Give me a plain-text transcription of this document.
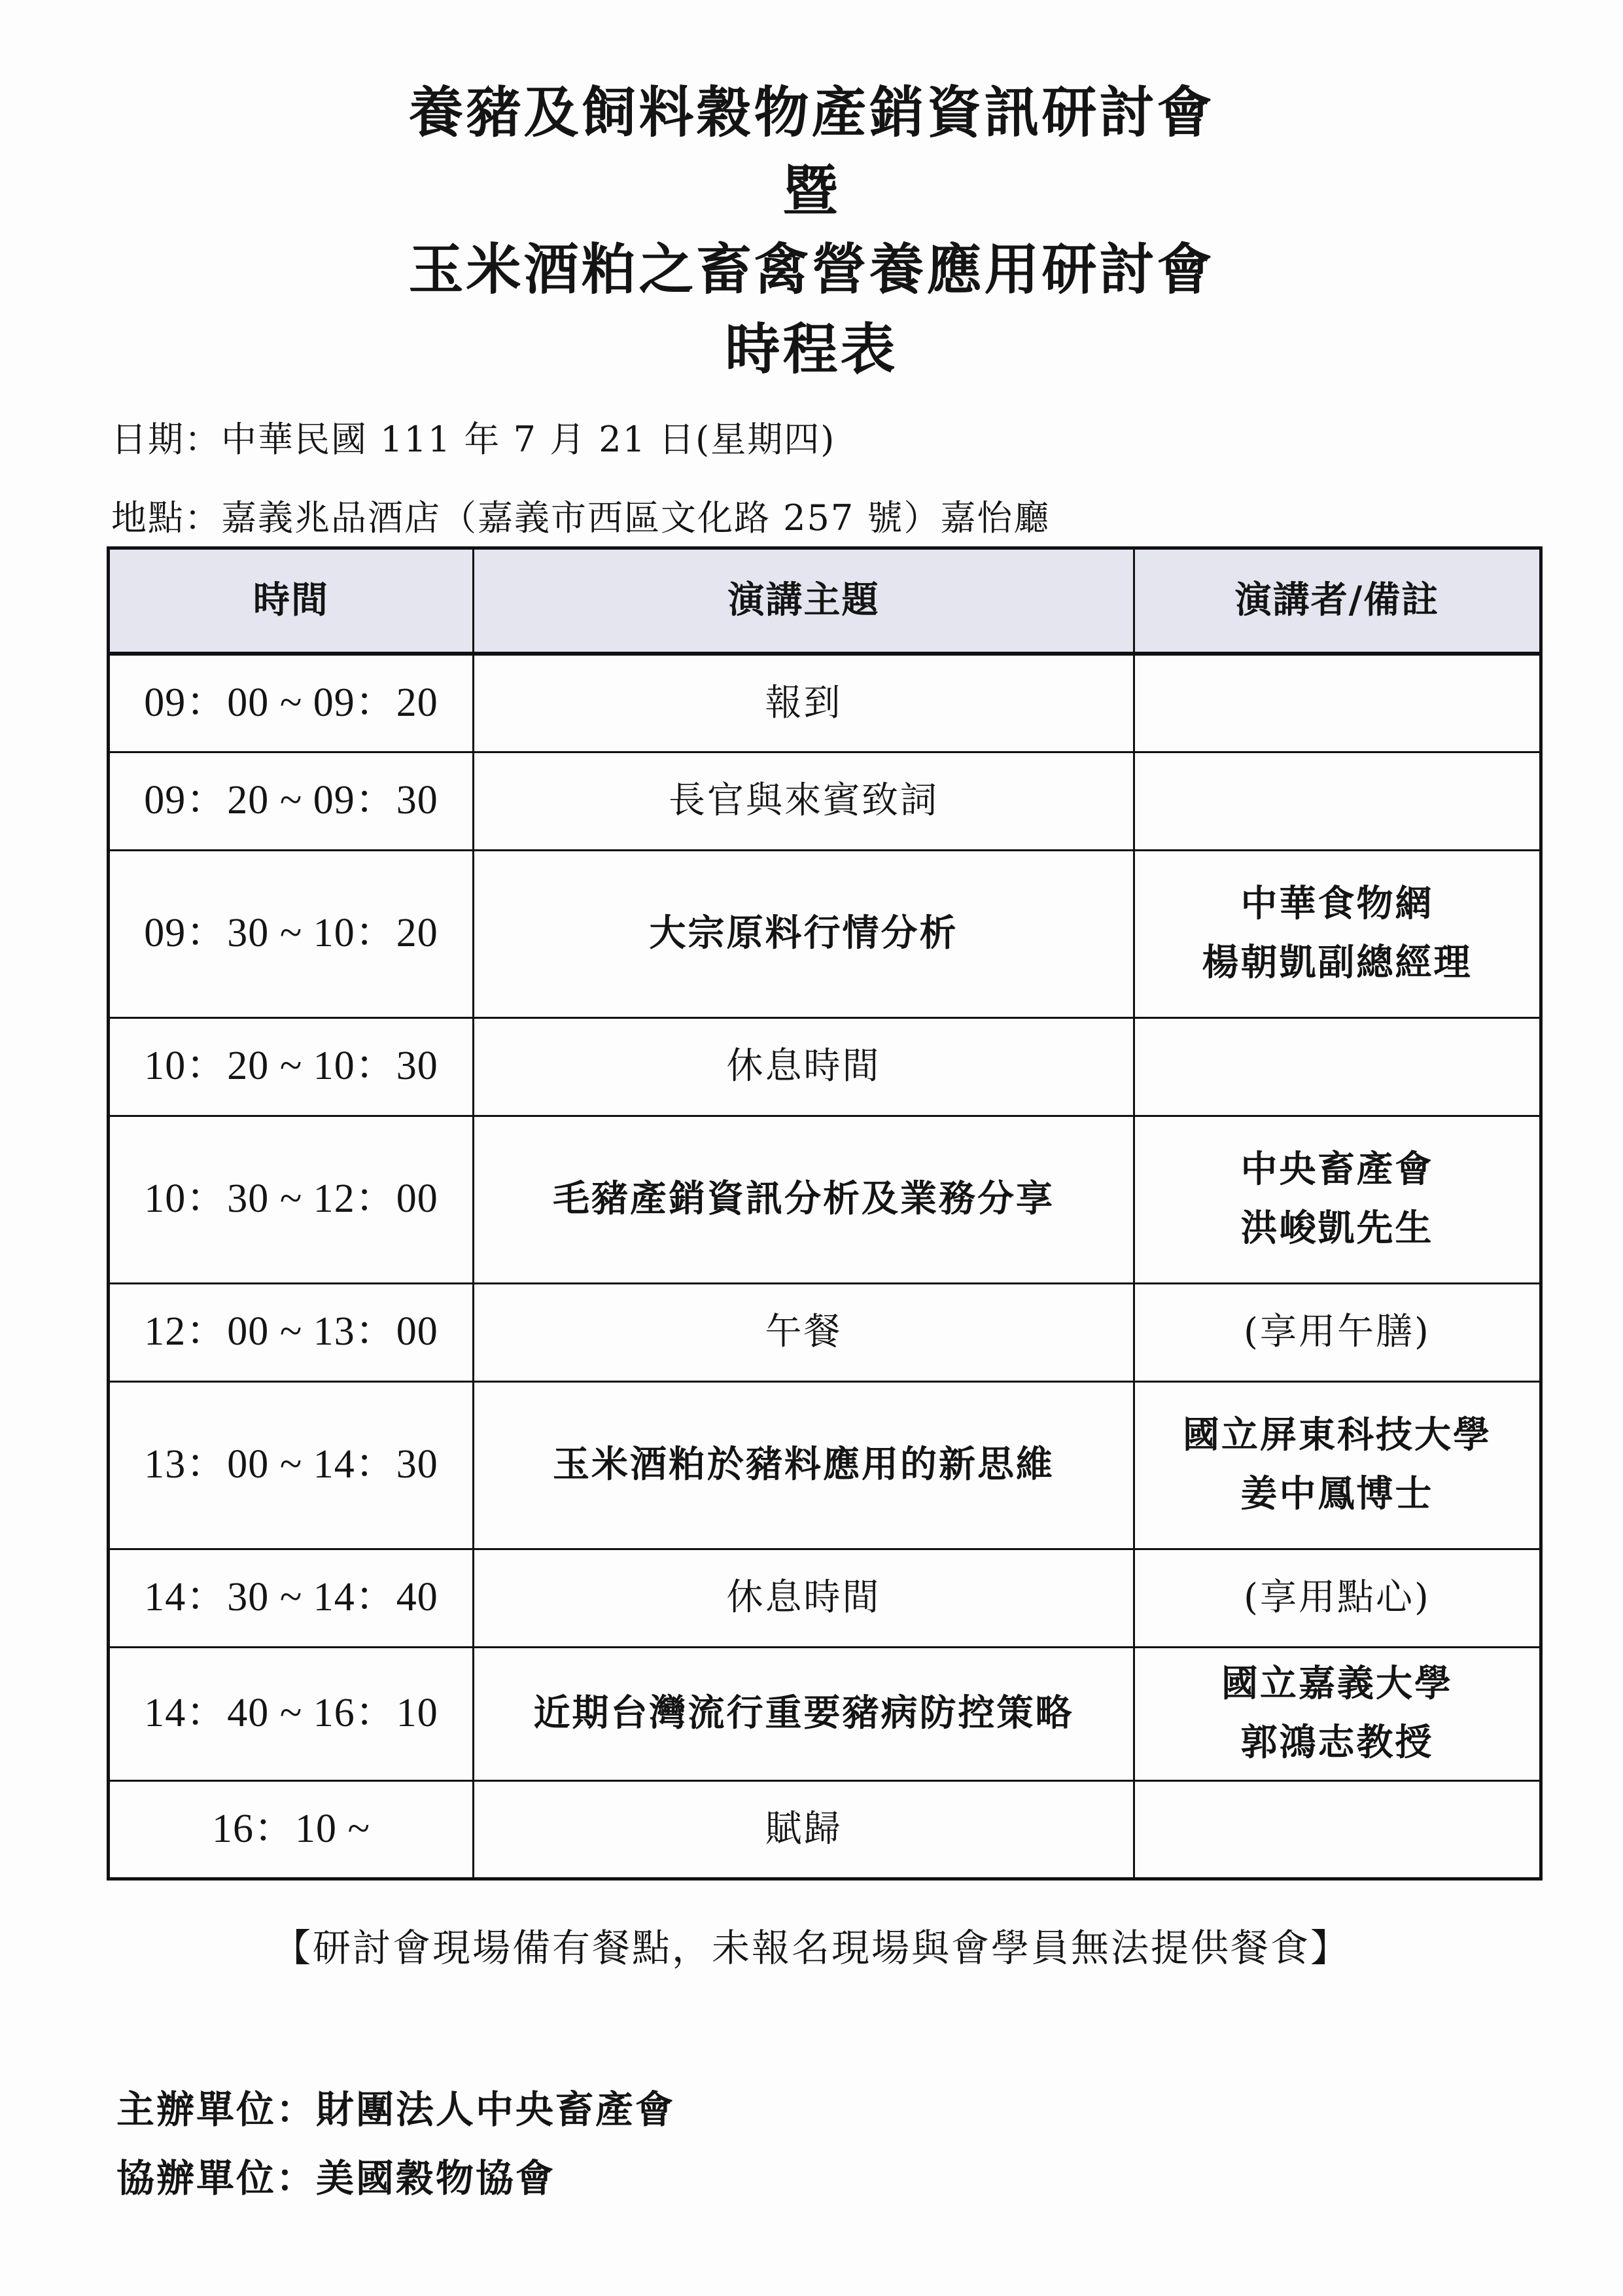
養豬及飼料穀物產銷資訊研討會
暨
玉米酒粕之畜禽營養應用研討會
時程表
日期：中華民國 111 年 7 月 21 日(星期四)
地點：嘉義兆品酒店（嘉義市西區文化路 257 號）嘉怡廳
時間	演講主題	演講者/備註
09：00 ~ 09：20	報到	
09：20 ~ 09：30	長官與來賓致詞	
09：30 ~ 10：20	大宗原料行情分析	中華食物網
楊朝凱副總經理

10：20 ~ 10：30	休息時間	
10：30 ~ 12：00	毛豬產銷資訊分析及業務分享	中央畜產會
洪峻凱先生

12：00 ~ 13：00	午餐	(享用午膳)
13：00 ~ 14：30	玉米酒粕於豬料應用的新思維	國立屏東科技大學
姜中鳳博士

14：30 ~ 14：40	休息時間	(享用點心)
14：40 ~ 16：10	近期台灣流行重要豬病防控策略	國立嘉義大學
郭鴻志教授

16：10 ~	賦歸	
【研討會現場備有餐點，未報名現場與會學員無法提供餐食】
主辦單位：財團法人中央畜產會
協辦單位：美國穀物協會
